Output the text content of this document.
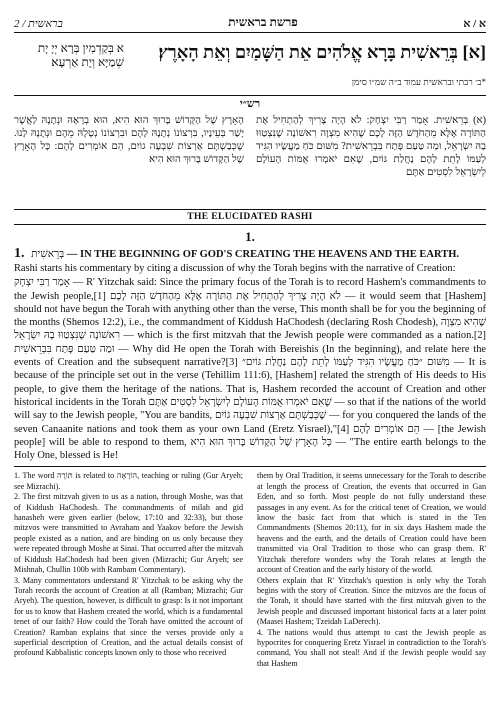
2 / בראשית	פרשת בראשית	א / א
א בְּקַדְמִין בְּרָא יְיָ יָת שְׁמַיָּא וְיָת אַרְעָא׃	[א] בְּרֵאשִׁית בָּרָא אֱלֹהִים אֵת הַשָּׁמַיִם וְאֵת הָאָרֶץ׃
*ב׳ רבתי ובראשית עמוד ב״ה שמ״ו סימן
רש״י
הָאָרֶץ שֶׁל הַקָּדוֹשׁ בָּרוּךְ הוּא הִיא, הוּא בְרָאָהּ וּנְתָנָהּ לַאֲשֶׁר יָשַׁר בְּעֵינָיו, בִּרְצוֹנוֹ נְתָנָהּ לָהֶם וּבִרְצוֹנוֹ נְטָלָהּ מֵהֶם וּנְתָנָהּ לָנוּ. שֶׁכְּבַשְׁתֶּם אַרְצוֹת שִׁבְעָה גוֹיִם, הֵם אוֹמְרִים לָהֶם: כָּל הָאָרֶץ שֶׁל הַקָּדוֹשׁ בָּרוּךְ הוּא הִיא
(א) בְּרֵאשִׁית. אָמַר רַבִּי יִצְחָק: לֹא הָיָה צָרִיךְ לְהַתְחִיל אֶת הַתּוֹרָה אֶלָּא מֵהַחֹדֶשׁ הַזֶּה לָכֶם שֶׁהִיא מִצְוָה רִאשׁוֹנָה שֶׁנִּצְטַוּוּ בָהּ יִשְׂרָאֵל, וּמַה טַּעַם פָּתַח בִּבְרֵאשִׁית? מִשּׁוּם כֹּחַ מַעֲשָׂיו הִגִּיד לְעַמּוֹ לָתֵת לָהֶם נַחֲלַת גּוֹיִם, שֶׁאִם יֹאמְרוּ אֻמּוֹת הָעוֹלָם לְיִשְׂרָאֵל לִסְטִים אַתֶּם
THE ELUCIDATED RASHI
1.
1. בְּרֵאשִׁית — IN THE BEGINNING OF GOD'S CREATING THE HEAVENS AND THE EARTH.
Rashi starts his commentary by citing a discussion of why the Torah begins with the narrative of Creation:
אָמַר רַבִּי יִצְחָק — R' Yitzchak said: Since the primary focus of the Torah is to record Hashem's commandments to the Jewish people,[1] לֹא הָיָה צָרִיךְ לְהַתְחִיל אֶת הַתּוֹרָה אֶלָּא מֵהַחֹדֶשׁ הַזֶּה לָכֶם — it would seem that [Hashem] should not have begun the Torah with anything other than the verse, This month shall be for you the beginning of the months (Shemos 12:2), i.e., the commandment of Kiddush HaChodesh (declaring Rosh Chodesh), שֶׁהִיא מִצְוָה רִאשׁוֹנָה שֶׁנִּצְטַוּוּ בָהּ יִשְׂרָאֵל — which is the first mitzvah that the Jewish people were commanded as a nation.[2] וּמַה טַּעַם פָּתַח בִּבְרֵאשִׁית — Why did He open the Torah with Bereishis (In the beginning), and relate here the events of Creation and the subsequent narrative?[3] מִשּׁוּם ״כֹּחַ מַעֲשָׂיו הִגִּיד לְעַמּוֹ לָתֵת לָהֶם נַחֲלַת גּוֹיִם״ — It is because of the principle set out in the verse (Tehillim 111:6), [Hashem] related the strength of His deeds to His people, to give them the heritage of the nations. That is, Hashem recorded the account of Creation and other historical incidents in the Torah שֶׁאִם יֹאמְרוּ אֻמּוֹת הָעוֹלָם לְיִשְׂרָאֵל לִסְטִים אַתֶּם — so that if the nations of the world will say to the Jewish people, "You are bandits, שֶׁכְּבַשְׁתֶּם אַרְצוֹת שִׁבְעָה גוֹיִם — for you conquered the lands of the seven Canaanite nations and took them as your own Land (Eretz Yisrael),"[4] הֵם אוֹמְרִים לָהֶם — [the Jewish people] will be able to respond to them, כָּל הָאָרֶץ שֶׁל הַקָּדוֹשׁ בָּרוּךְ הוּא הִיא — "The entire earth belongs to the Holy One, blessed is He!

1. The word תּוֹרָה is related to הוֹרָאָה, teaching or ruling (Gur Aryeh; see Mizrachi).

2. The first mitzvah given to us as a nation, through Moshe, was that of Kiddush HaChodesh. The commandments of milah and gid hanasheh were given earlier (below, 17:10 and 32:33), but those mitzvos were transmitted to Avraham and Yaakov before the Jewish people existed as a nation, and are binding on us only because they were repeated through Moshe at Sinai. That occurred after the mitzvah of Kiddush HaChodesh had been given (Mizrachi; Gur Aryeh; see Mishnah, Chullin 100b with Rambam Commentary).

3. Many commentators understand R' Yitzchak to be asking why the Torah records the account of Creation at all (Ramban; Mizrachi; Gur Aryeh). The question, however, is difficult to grasp: Is it not important for us to know that Hashem created the world, which is a fundamental tenet of our faith? How could the Torah have omitted the account of Creation? Ramban explains that since the verses provide only a superficial description of Creation, and the actual details consist of profound Kabbalistic concepts known only to those who received

them by Oral Tradition, it seems unnecessary for the Torah to describe at length the process of Creation, the events that occurred in Gan Eden, and so forth. Most people do not fully understand these passages in any event. As for the critical tenet of Creation, we would know the basic fact from that which is stated in the Ten Commandments (Shemos 20:11), for in six days Hashem made the heavens and the earth, and the details of Creation could have been transmitted via Oral Tradition to those who can grasp them. R' Yitzchak therefore wonders why the Torah relates at length the account of Creation and the early history of the world.

Others explain that R' Yitzchak's question is only why the Torah begins with the story of Creation. Since the mitzvos are the focus of the Torah, it should have started with the first mitzvah given to the Jewish people and discussed important historical facts at a later point (Maasei Hashem; Tzeidah LaDerech).

4. The nations would thus attempt to cast the Jewish people as hypocrites for conquering Eretz Yisrael in contradiction to the Torah's command, You shall not steal! And if the Jewish people would say that Hashem
